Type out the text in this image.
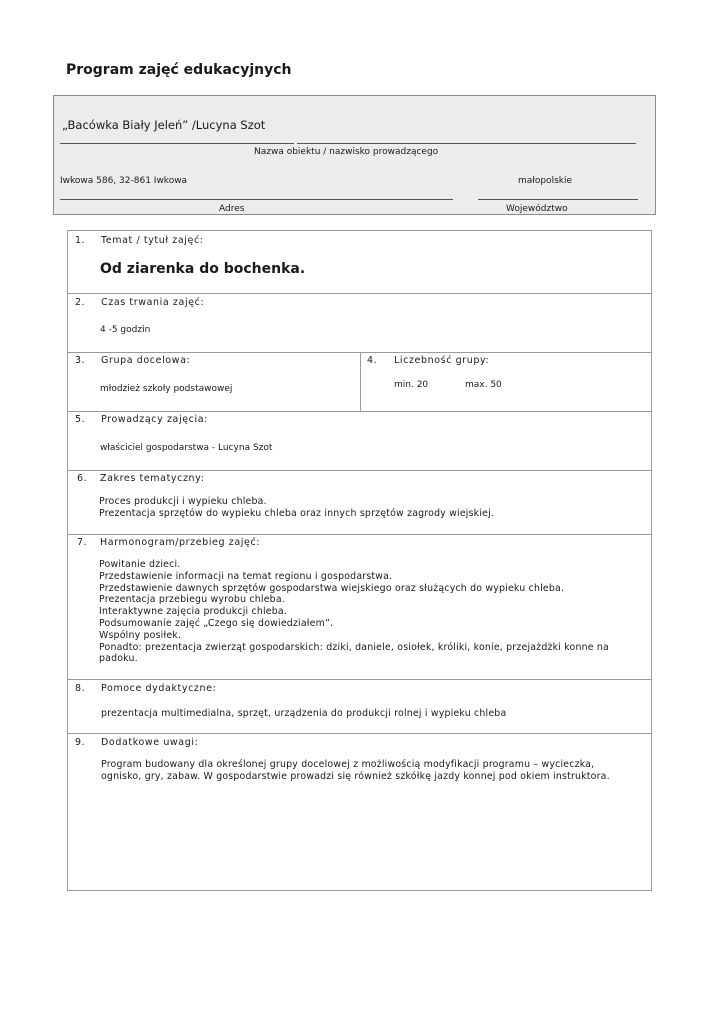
Program zajęć edukacyjnych
„Bacówka Biały Jeleń” /Lucyna Szot
Nazwa obiektu / nazwisko prowadzącego
Iwkowa 586, 32-861 Iwkowa	małopolskie
Adres	Województwo
1. Temat / tytuł zajęć:
Od ziarenka do bochenka.
2. Czas trwania zajęć:
4 -5 godzin
3. Grupa docelowa:
młodzież szkoły podstawowej
4. Liczebność grupy:
min. 20	max. 50
5. Prowadzący zajęcia:
właściciel gospodarstwa - Lucyna Szot
6. Zakres tematyczny:
Proces produkcji i wypieku chleba.
Prezentacja sprzętów do wypieku chleba oraz innych sprzętów zagrody wiejskiej.
7. Harmonogram/przebieg zajęć:
Powitanie dzieci.
Przedstawienie informacji na temat regionu i gospodarstwa.
Przedstawienie dawnych sprzętów gospodarstwa wiejskiego oraz służących do wypieku chleba.
Prezentacja przebiegu wyrobu chleba.
Interaktywne zajęcia produkcji chleba.
Podsumowanie zajęć „Czego się dowiedziałem”.
Wspólny posiłek.
Ponadto: prezentacja zwierząt gospodarskich: dziki, daniele, osiołek, króliki, konie, przejażdżki konne na
padoku.
8. Pomoce dydaktyczne:
prezentacja multimedialna, sprzęt, urządzenia do produkcji rolnej i wypieku chleba
9. Dodatkowe uwagi:
Program budowany dla określonej grupy docelowej z możliwością modyfikacji programu – wycieczka,
ognisko, gry, zabaw. W gospodarstwie prowadzi się również szkółkę jazdy konnej pod okiem instruktora.
